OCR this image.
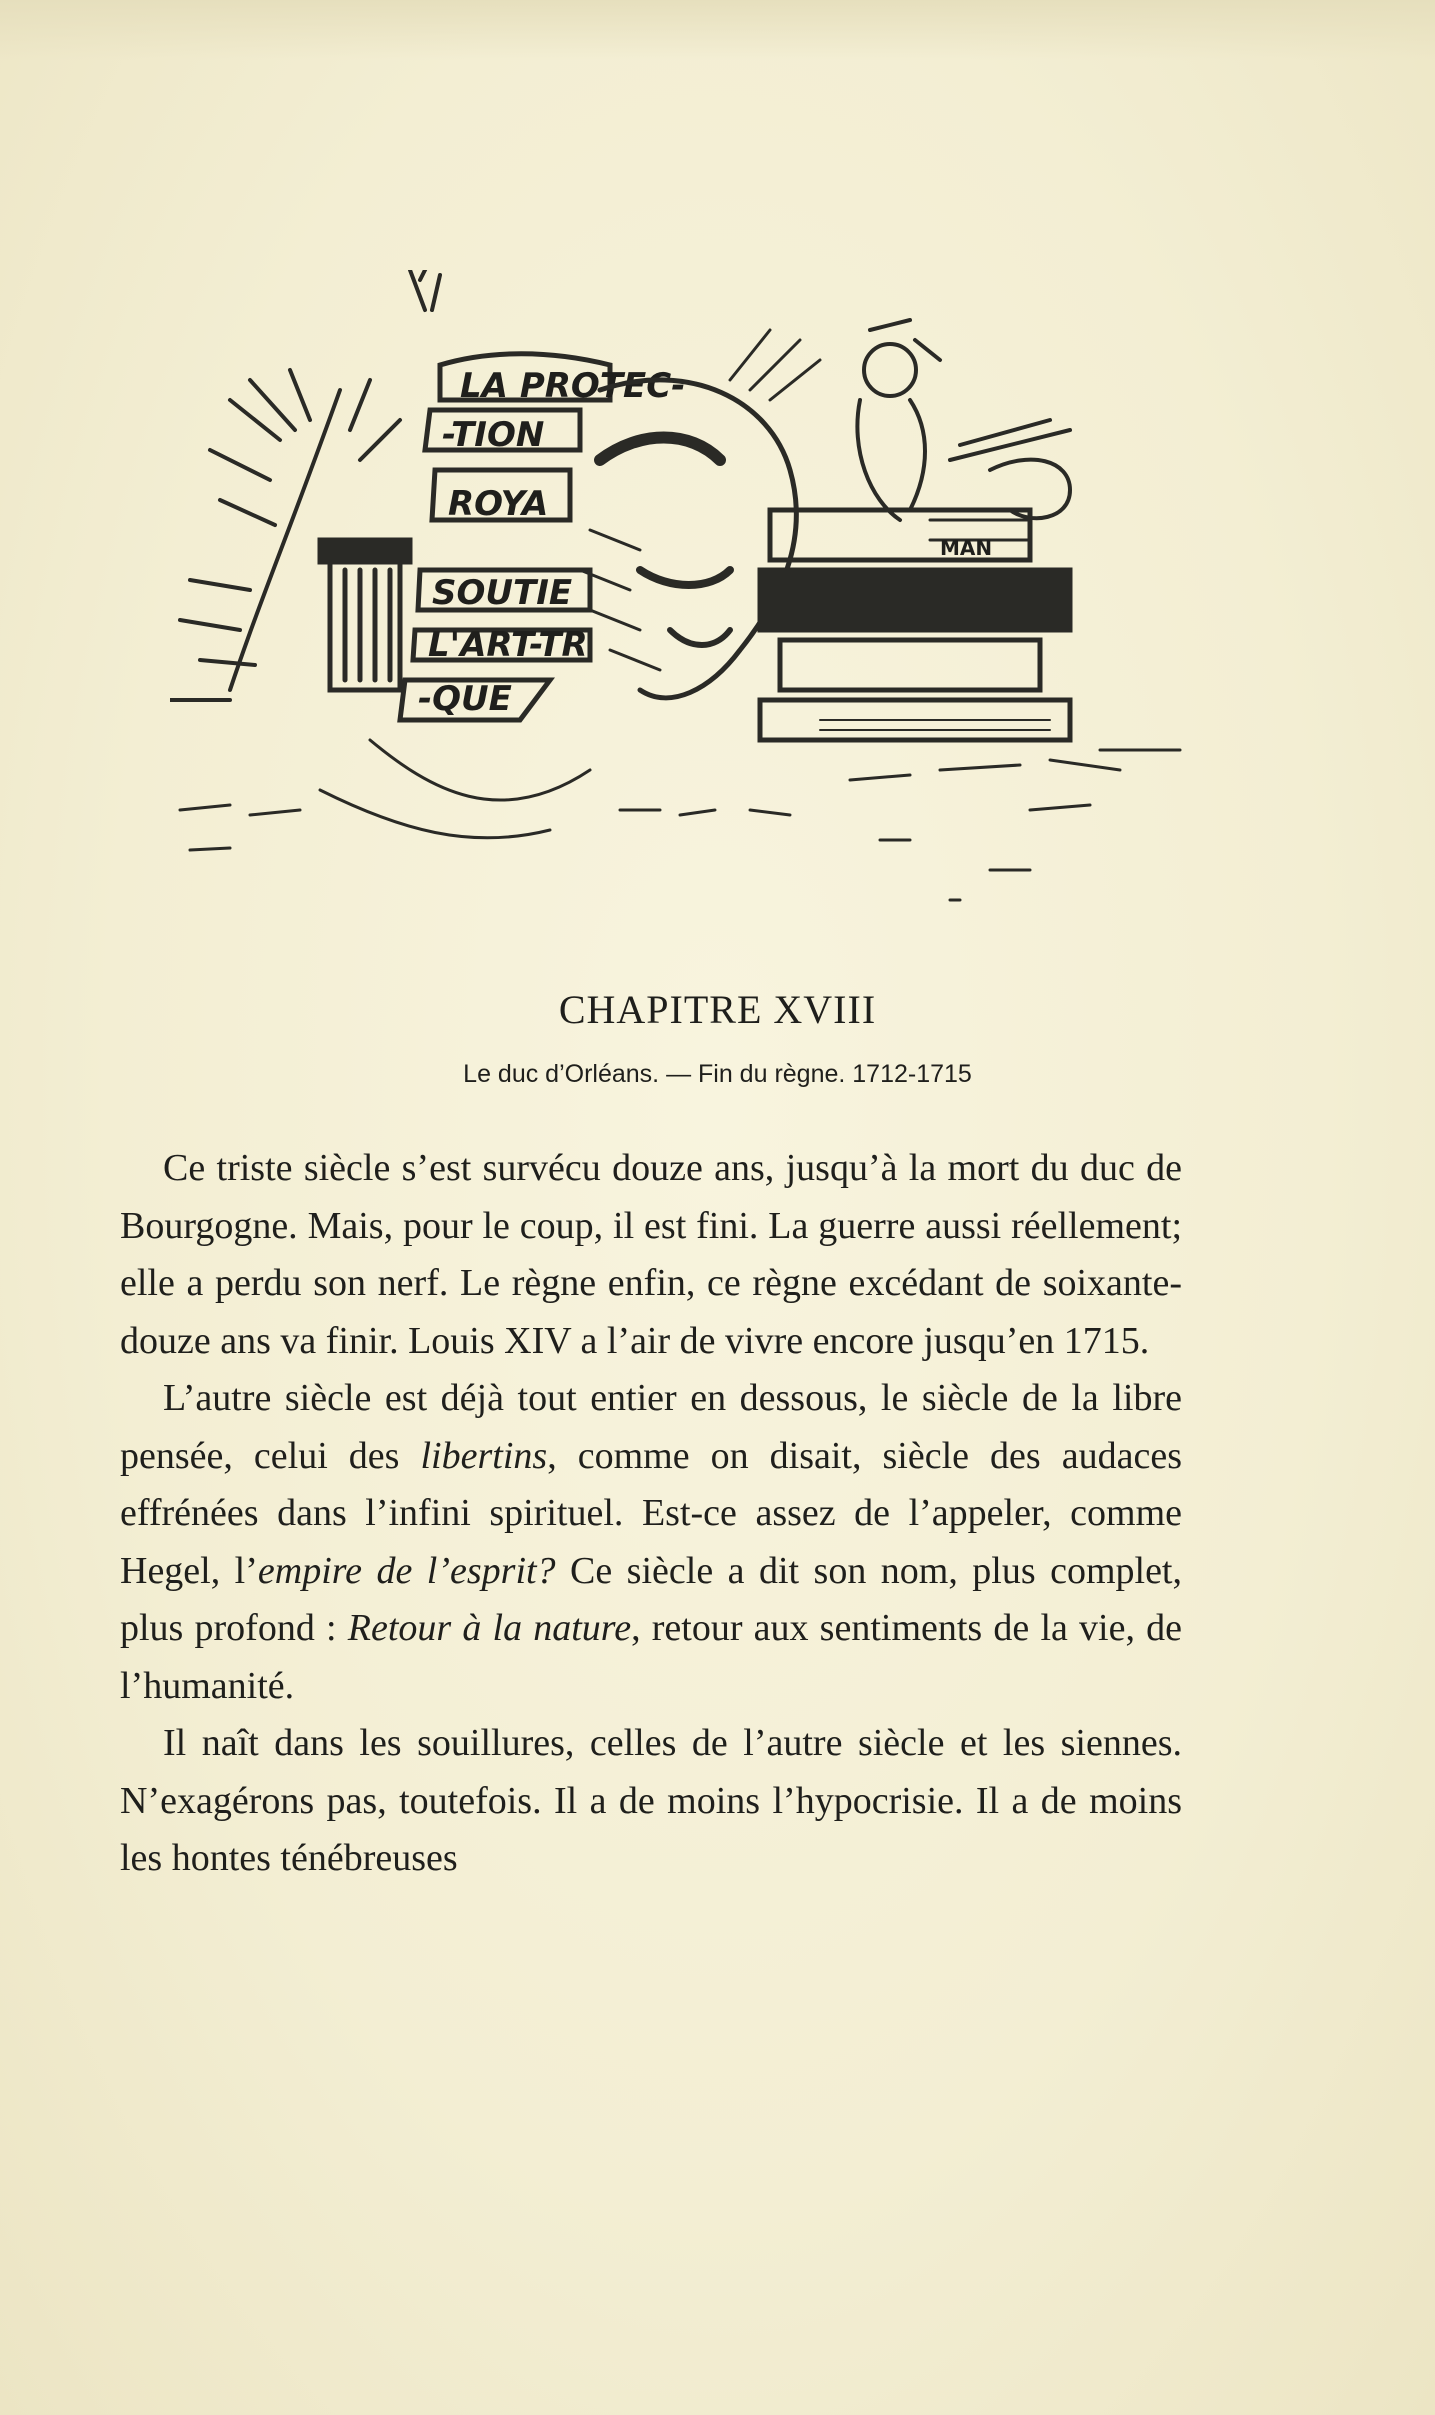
LA PROTEC-
-TION
ROYA
SOUTIE
L'ART-TR
-QUE
MAN
CHAPITRE XVIII

Le duc d’Orléans. — Fin du règne. 1712-1715

Ce triste siècle s’est survécu douze ans, jusqu’à la mort du duc de Bourgogne. Mais, pour le coup, il est fini. La guerre aussi réellement; elle a perdu son nerf. Le règne enfin, ce règne excédant de soixante-douze ans va finir. Louis XIV a l’air de vivre encore jusqu’en 1715.

L’autre siècle est déjà tout entier en dessous, le siècle de la libre pensée, celui des libertins, comme on disait, siècle des audaces effrénées dans l’infini spirituel. Est-ce assez de l’appeler, comme Hegel, l’empire de l’esprit? Ce siècle a dit son nom, plus complet, plus profond : Retour à la nature, retour aux sentiments de la vie, de l’humanité.

Il naît dans les souillures, celles de l’autre siècle et les siennes. N’exagérons pas, toutefois. Il a de moins l’hypocrisie. Il a de moins les hontes ténébreuses
